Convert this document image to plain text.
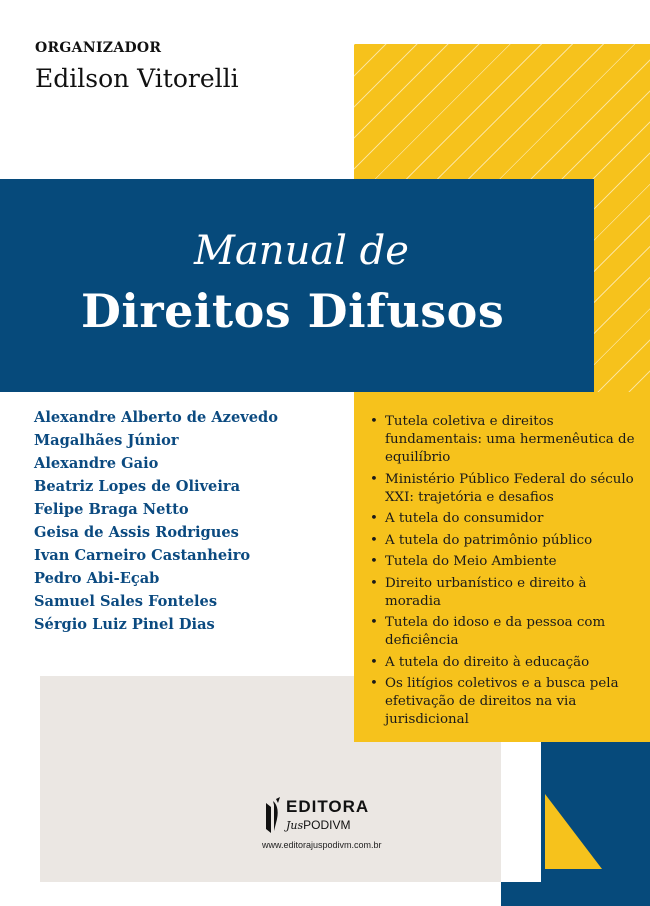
ORGANIZADOR
Edilson Vitorelli
Manual de
Direitos Difusos
Alexandre Alberto de Azevedo Magalhães Júnior
Alexandre Gaio
Beatriz Lopes de Oliveira
Felipe Braga Netto
Geisa de Assis Rodrigues
Ivan Carneiro Castanheiro
Pedro Abi-Eçab
Samuel Sales Fonteles
Sérgio Luiz Pinel Dias
• Tutela coletiva e direitos fundamentais: uma hermenêutica de equilíbrio
• Ministério Público Federal do século XXI: trajetória e desafios
• A tutela do consumidor
• A tutela do patrimônio público
• Tutela do Meio Ambiente
• Direito urbanístico e direito à moradia
• Tutela do idoso e da pessoa com deficiência
• A tutela do direito à educação
• Os litígios coletivos e a busca pela efetivação de direitos na via jurisdicional
EDITORA
JusPODIVM
www.editorajuspodivm.com.br
